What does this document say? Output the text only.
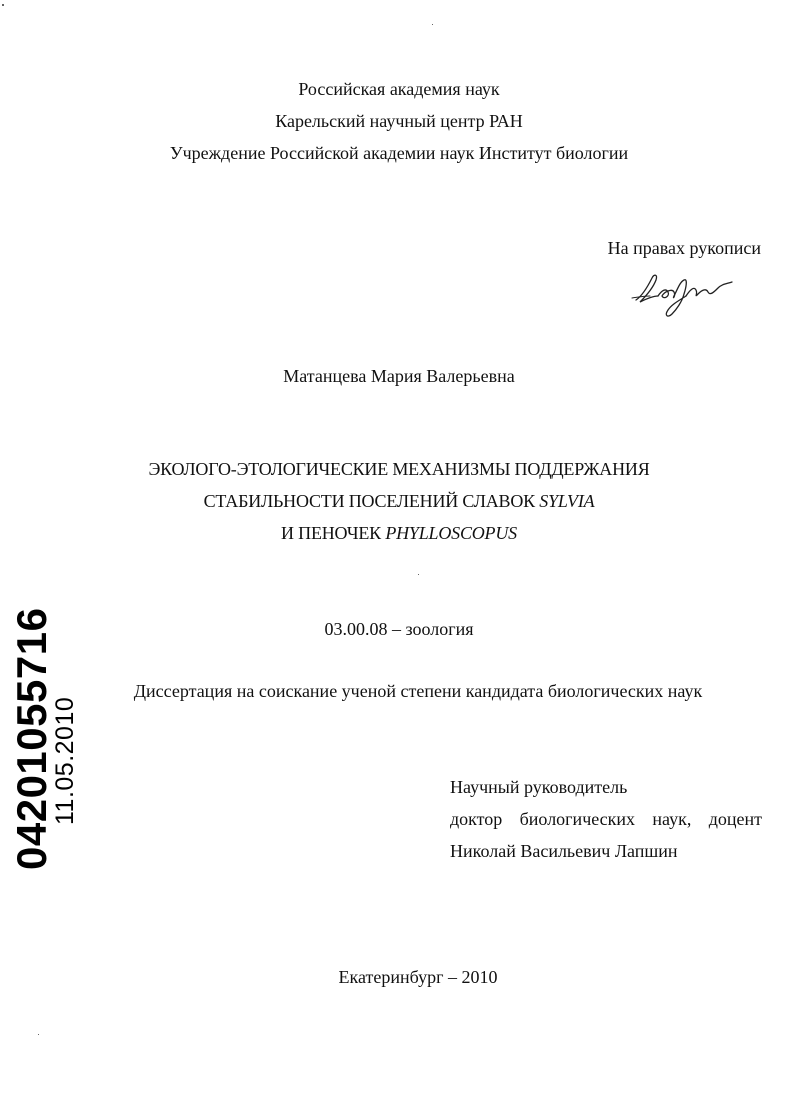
Российская академия наук
Карельский научный центр РАН
Учреждение Российской академии наук Институт биологии
На правах рукописи
Матанцева Мария Валерьевна
ЭКОЛОГО-ЭТОЛОГИЧЕСКИЕ МЕХАНИЗМЫ ПОДДЕРЖАНИЯ
СТАБИЛЬНОСТИ ПОСЕЛЕНИЙ СЛАВОК SYLVIA
И ПЕНОЧЕК PHYLLOSCOPUS
03.00.08 – зоология
Диссертация на соискание ученой степени кандидата биологических наук
Научный руководитель
доктор биологических наук, доцент
Николай Васильевич Лапшин
Екатеринбург – 2010
04201055716
11.05.2010
